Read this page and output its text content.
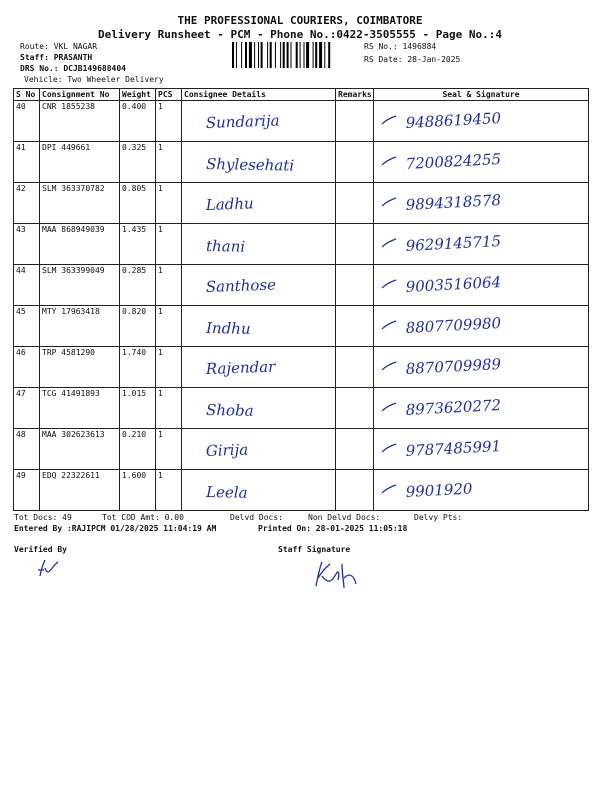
THE PROFESSIONAL COURIERS, COIMBATORE
Delivery Runsheet - PCM - Phone No.:0422-3505555 - Page No.:4
Route: VKL NAGAR
Staff: PRASANTH
DRS No.: DCJB149688404
Vehicle: Two Wheeler Delivery
RS No.: 1496884
RS Date: 28-Jan-2025
S No	Consignment No	Weight	PCS	Consignee Details	Remarks	Seal & Signature
40	CNR 1855238	0.400	1	Sundarija		9488619450

41	DPI 449661	0.325	1	Shylesehati		7200824255

42	SLM 363370782	0.805	1	Ladhu		9894318578

43	MAA 868949039	1.435	1	thani		9629145715

44	SLM 363399049	0.285	1	Santhose		9003516064

45	MTY 17963418	0.820	1	Indhu		8807709980

46	TRP 4581290	1.740	1	Rajendar		8870709989

47	TCG 41491893	1.015	1	Shoba		8973620272

48	MAA 302623613	0.210	1	Girija		9787485991

49	EDQ 22322611	1.600	1	Leela		9901920
Tot Docs: 49	Tot COD Amt: 0.00	Delvd Docs:	Non Delvd Docs:	Delvy Pts:
Entered By :RAJIPCM 01/28/2025 11:04:19 AM	Printed On: 28-01-2025 11:05:18
Verified By	Staff Signature
